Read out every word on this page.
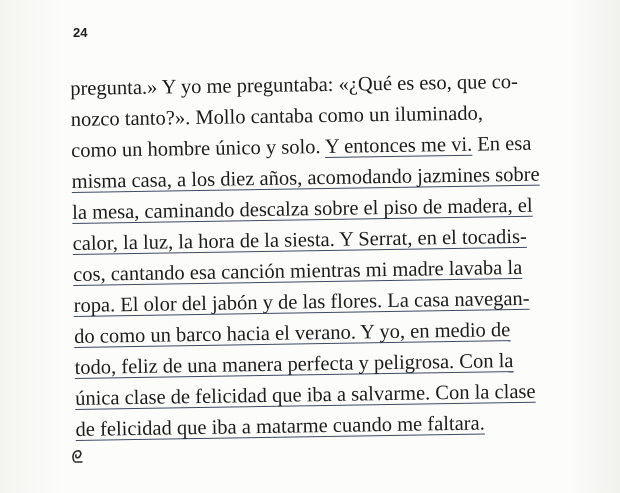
24
pregunta.» Y yo me preguntaba: «¿Qué es eso, que co-
nozco tanto?». Mollo cantaba como un iluminado,
como un hombre único y solo. Y entonces me vi. En esa
misma casa, a los diez años, acomodando jazmines sobre
la mesa, caminando descalza sobre el piso de madera, el
calor, la luz, la hora de la siesta. Y Serrat, en el tocadis-
cos, cantando esa canción mientras mi madre lavaba la
ropa. El olor del jabón y de las flores. La casa navegan-
do como un barco hacia el verano. Y yo, en medio de
todo, feliz de una manera perfecta y peligrosa. Con la
única clase de felicidad que iba a salvarme. Con la clase
de felicidad que iba a matarme cuando me faltara.
